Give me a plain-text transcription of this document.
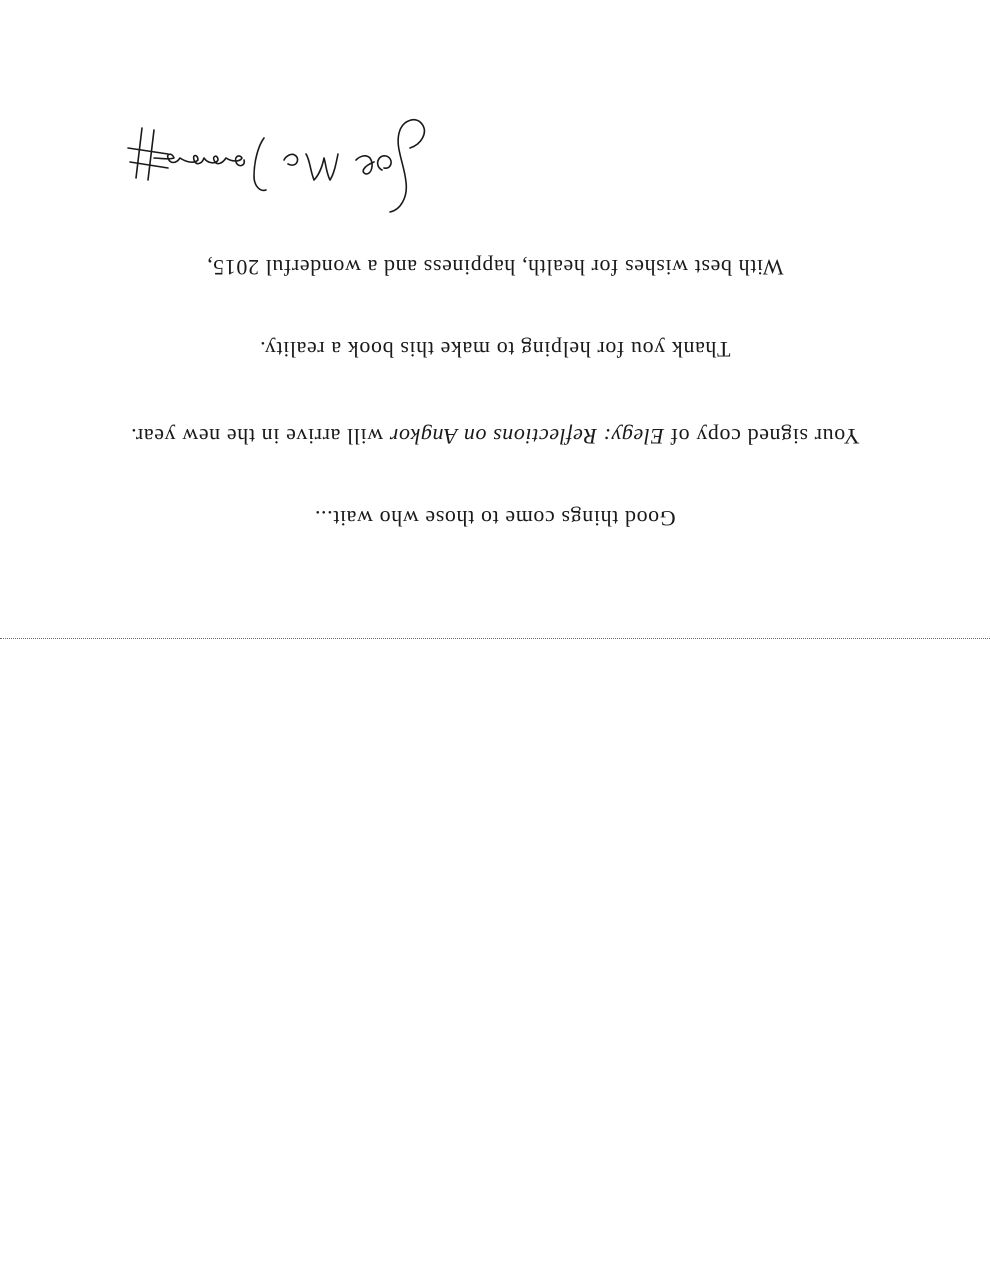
Good things come to those who wait...
Your signed copy of Elegy: Reflections on Angkor will arrive in the new year.
Thank you for helping to make this book a reality.
With best wishes for health, happiness and a wonderful 2015,
